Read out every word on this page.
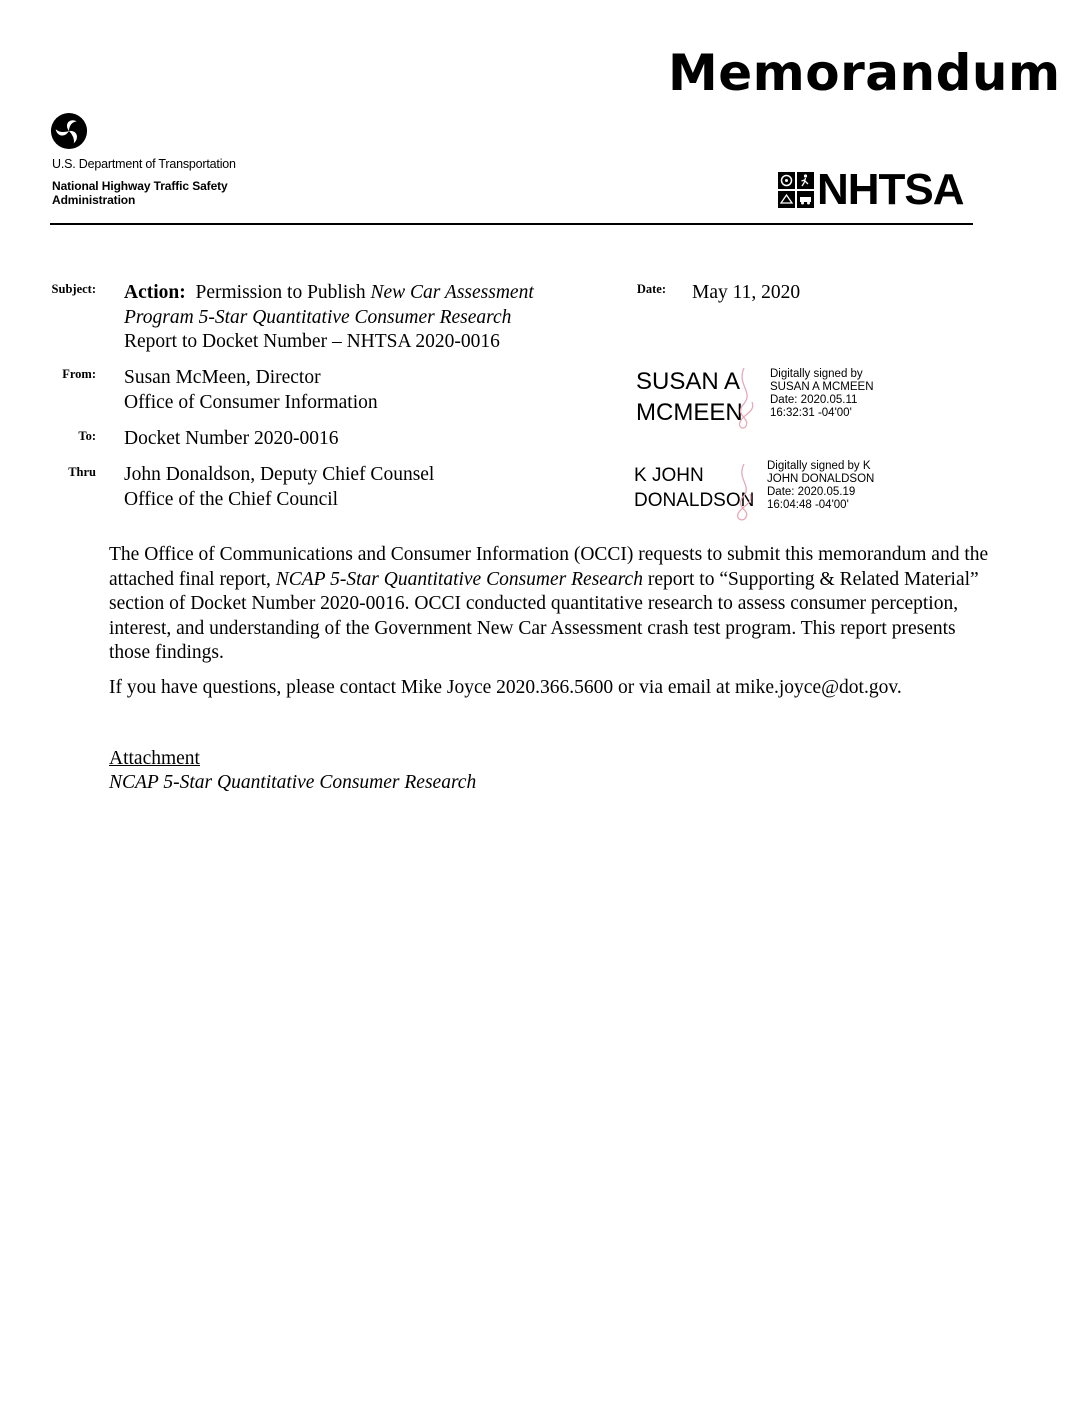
Memorandum
U.S. Department of Transportation
National Highway Traffic Safety
Administration	NHTSA
Subject: Action: Permission to Publish New Car Assessment
Program 5-Star Quantitative Consumer Research
Report to Docket Number – NHTSA 2020-0016
Date: May 11, 2020
From: Susan McMeen, Director
Office of Consumer Information
SUSAN A
MCMEEN
Digitally signed by
SUSAN A MCMEEN
Date: 2020.05.11
16:32:31 -04'00'
To: Docket Number 2020-0016
Thru John Donaldson, Deputy Chief Counsel
Office of the Chief Council
K JOHN
DONALDSON
Digitally signed by K
JOHN DONALDSON
Date: 2020.05.19
16:04:48 -04'00'
The Office of Communications and Consumer Information (OCCI) requests to submit this memorandum and the attached final report, NCAP 5-Star Quantitative Consumer Research report to “Supporting & Related Material” section of Docket Number 2020-0016. OCCI conducted quantitative research to assess consumer perception, interest, and understanding of the Government New Car Assessment crash test program. This report presents those findings.
If you have questions, please contact Mike Joyce 2020.366.5600 or via email at mike.joyce@dot.gov.
Attachment
NCAP 5-Star Quantitative Consumer Research
